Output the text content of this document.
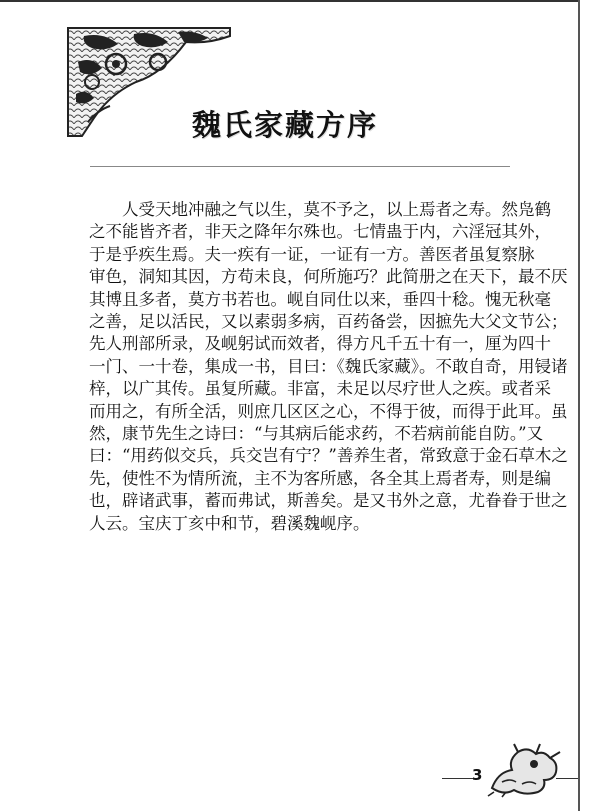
魏氏家藏方序
人受天地冲融之气以生，莫不予之，以上焉者之寿。然凫鹤
之不能皆齐者，非天之降年尔殊也。七情蛊于内，六淫冠其外，
于是乎疾生焉。夫一疾有一证，一证有一方。善医者虽复察脉
审色，洞知其因，方苟未良，何所施巧？此简册之在天下，最不厌
其博且多者，莫方书若也。岘自同仕以来，垂四十稔。愧无秋毫
之善，足以活民，又以素弱多病，百药备尝，因摭先大父文节公；
先人刑部所录，及岘躬试而效者，得方凡千五十有一，厘为四十
一门、一十卷，集成一书，目曰：《魏氏家藏》。不敢自奇，用锓诸
梓，以广其传。虽复所藏。非富，未足以尽疗世人之疾。或者采
而用之，有所全活，则庶几区区之心，不得于彼，而得于此耳。虽
然，康节先生之诗曰：“与其病后能求药，不若病前能自防。”又
曰：“用药似交兵，兵交岂有宁？”善养生者，常致意于金石草木之
先，使性不为情所流，主不为客所感，各全其上焉者寿，则是编
也，辟诸武事，蓄而弗试，斯善矣。是又书外之意，尤眷眷于世之
人云。宝庆丁亥中和节，碧溪魏岘序。
3
